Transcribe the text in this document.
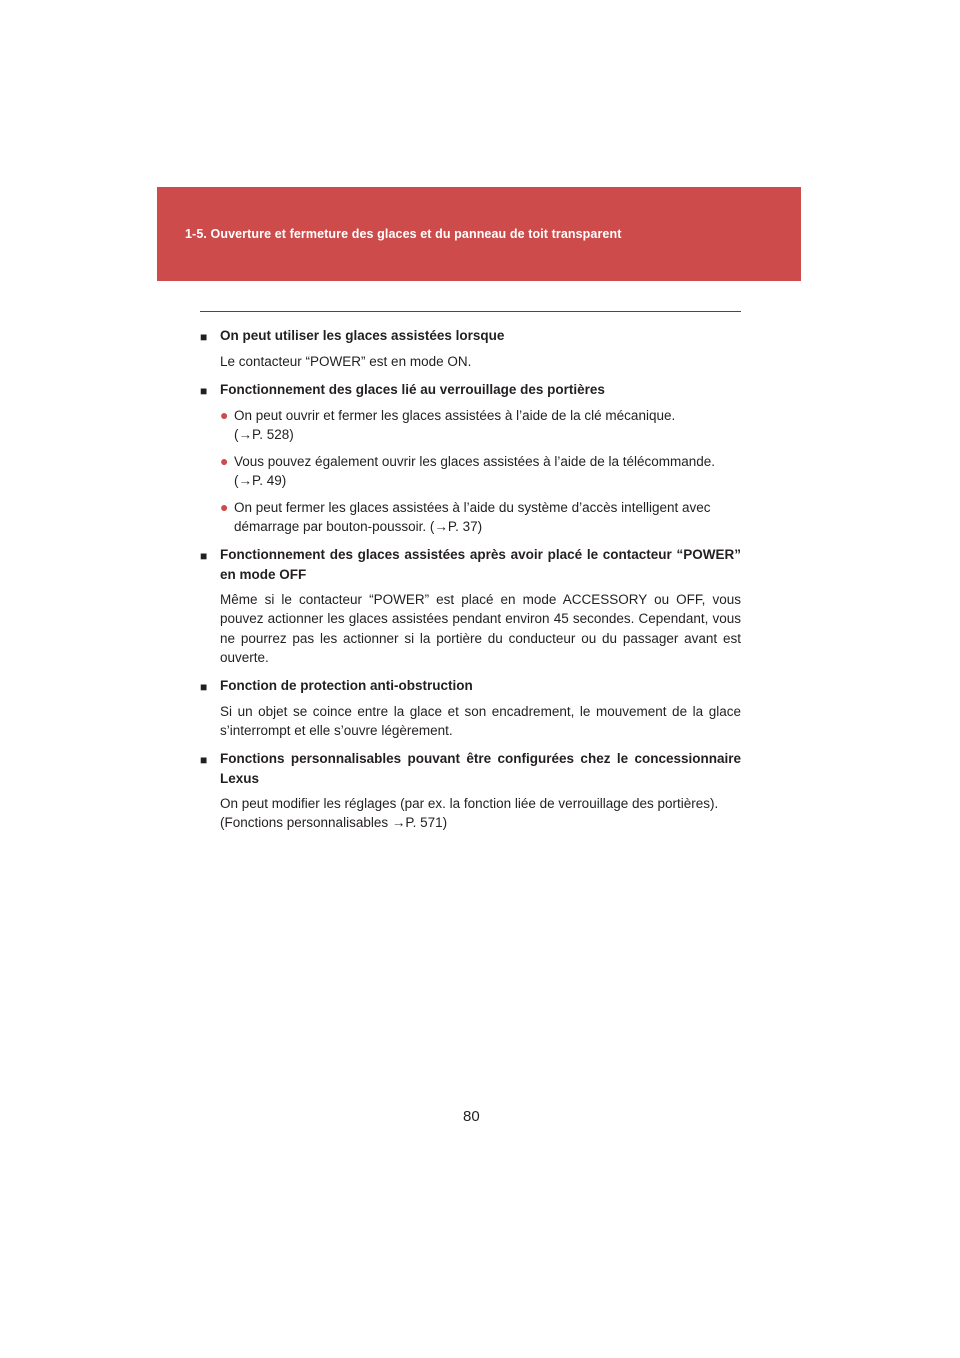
1-5. Ouverture et fermeture des glaces et du panneau de toit transparent
■ On peut utiliser les glaces assistées lorsque
Le contacteur “POWER” est en mode ON.
■ Fonctionnement des glaces lié au verrouillage des portières
● On peut ouvrir et fermer les glaces assistées à l’aide de la clé mécanique.
(→P. 528)
● Vous pouvez également ouvrir les glaces assistées à l’aide de la télécommande.
(→P. 49)
● On peut fermer les glaces assistées à l’aide du système d’accès intelligent avec
démarrage par bouton-poussoir. (→P. 37)
■ Fonctionnement des glaces assistées après avoir placé le contacteur “POWER” en mode OFF
Même si le contacteur “POWER” est placé en mode ACCESSORY ou OFF, vous pouvez actionner les glaces assistées pendant environ 45 secondes. Cependant, vous ne pourrez pas les actionner si la portière du conducteur ou du passager avant est ouverte.
■ Fonction de protection anti-obstruction
Si un objet se coince entre la glace et son encadrement, le mouvement de la glace s’interrompt et elle s’ouvre légèrement.
■ Fonctions personnalisables pouvant être configurées chez le concessionnaire Lexus
On peut modifier les réglages (par ex. la fonction liée de verrouillage des portières).
(Fonctions personnalisables →P. 571)
80
